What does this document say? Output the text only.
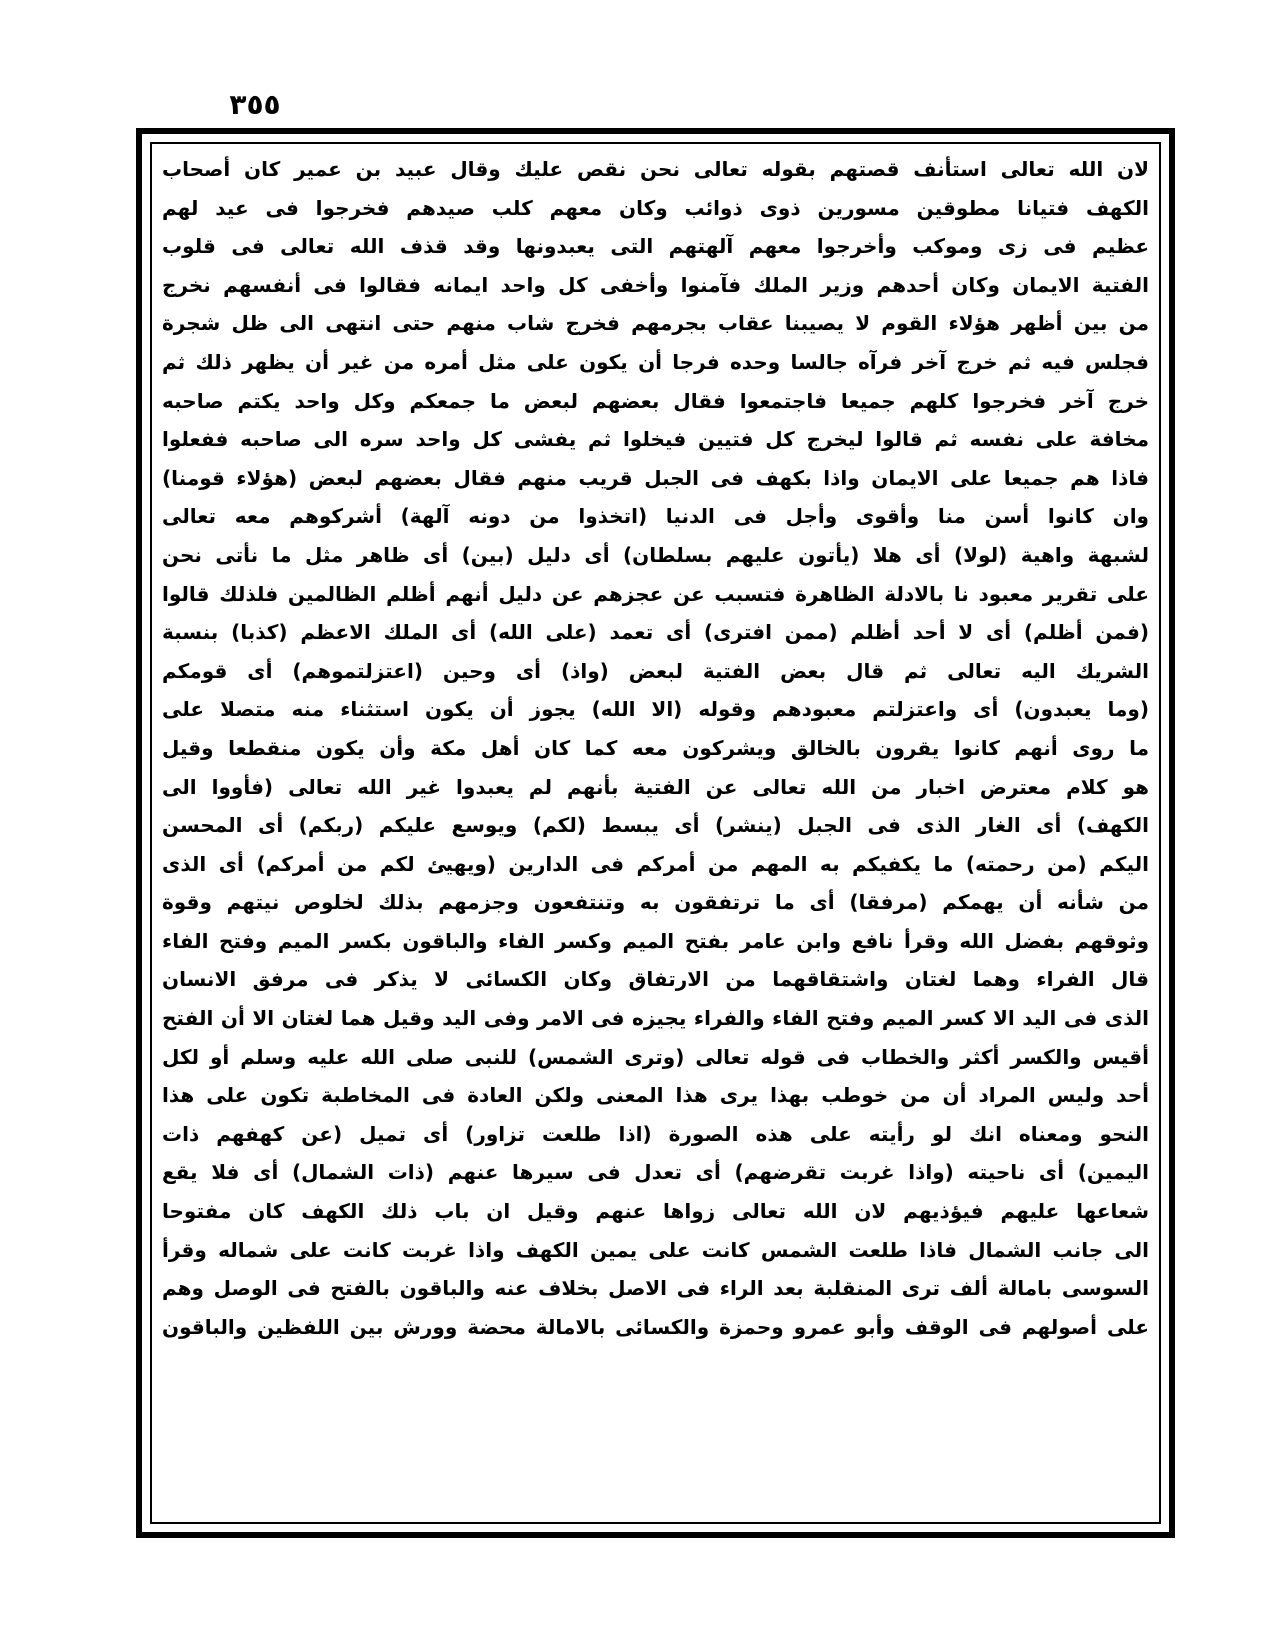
٣٥٥

لان الله تعالى استأنف قصتهم بقوله تعالى نحن نقص عليك وقال عبيد بن عمير كان أصحاب

الكهف فتيانا مطوقين مسورين ذوى ذوائب وكان معهم كلب صيدهم فخرجوا فى عيد لهم

عظيم فى زى وموكب وأخرجوا معهم آلهتهم التى يعبدونها وقد قذف الله تعالى فى قلوب

الفتية الايمان وكان أحدهم وزير الملك فآمنوا وأخفى كل واحد ايمانه فقالوا فى أنفسهم نخرج

من بين أظهر هؤلاء القوم لا يصيبنا عقاب بجرمهم فخرج شاب منهم حتى انتهى الى ظل شجرة

فجلس فيه ثم خرج آخر فرآه جالسا وحده فرجا أن يكون على مثل أمره من غير أن يظهر ذلك ثم

خرج آخر فخرجوا كلهم جميعا فاجتمعوا فقال بعضهم لبعض ما جمعكم وكل واحد يكتم صاحبه

مخافة على نفسه ثم قالوا ليخرج كل فتيين فيخلوا ثم يفشى كل واحد سره الى صاحبه ففعلوا

فاذا هم جميعا على الايمان واذا بكهف فى الجبل قريب منهم فقال بعضهم لبعض (هؤلاء قومنا)

وان كانوا أسن منا وأقوى وأجل فى الدنيا (اتخذوا من دونه آلهة) أشركوهم معه تعالى

لشبهة واهية (لولا) أى هلا (يأتون عليهم بسلطان) أى دليل (بين) أى ظاهر مثل ما نأتى نحن

على تقرير معبود نا بالادلة الظاهرة فتسبب عن عجزهم عن دليل أنهم أظلم الظالمين فلذلك قالوا

(فمن أظلم) أى لا أحد أظلم (ممن افترى) أى تعمد (على الله) أى الملك الاعظم (كذبا) بنسبة

الشريك اليه تعالى ثم قال بعض الفتية لبعض (واذ) أى وحين (اعتزلتموهم) أى قومكم

(وما يعبدون) أى واعتزلتم معبودهم وقوله (الا الله) يجوز أن يكون استثناء منه متصلا على

ما روى أنهم كانوا يقرون بالخالق ويشركون معه كما كان أهل مكة وأن يكون منقطعا وقيل

هو كلام معترض اخبار من الله تعالى عن الفتية بأنهم لم يعبدوا غير الله تعالى (فأووا الى

الكهف) أى الغار الذى فى الجبل (ينشر) أى يبسط (لكم) ويوسع عليكم (ربكم) أى المحسن

اليكم (من رحمته) ما يكفيكم به المهم من أمركم فى الدارين (ويهيئ لكم من أمركم) أى الذى

من شأنه أن يهمكم (مرفقا) أى ما ترتفقون به وتنتفعون وجزمهم بذلك لخلوص نيتهم وقوة

وثوقهم بفضل الله وقرأ نافع وابن عامر بفتح الميم وكسر الفاء والباقون بكسر الميم وفتح الفاء

قال الفراء وهما لغتان واشتقاقهما من الارتفاق وكان الكسائى لا يذكر فى مرفق الانسان

الذى فى اليد الا كسر الميم وفتح الفاء والفراء يجيزه فى الامر وفى اليد وقيل هما لغتان الا أن الفتح

أقيس والكسر أكثر والخطاب فى قوله تعالى (وترى الشمس) للنبى صلى الله عليه وسلم أو لكل

أحد وليس المراد أن من خوطب بهذا يرى هذا المعنى ولكن العادة فى المخاطبة تكون على هذا

النحو ومعناه انك لو رأيته على هذه الصورة (اذا طلعت تزاور) أى تميل (عن كهفهم ذات

اليمين) أى ناحيته (واذا غربت تقرضهم) أى تعدل فى سيرها عنهم (ذات الشمال) أى فلا يقع

شعاعها عليهم فيؤذيهم لان الله تعالى زواها عنهم وقيل ان باب ذلك الكهف كان مفتوحا

الى جانب الشمال فاذا طلعت الشمس كانت على يمين الكهف واذا غربت كانت على شماله وقرأ

السوسى بامالة ألف ترى المنقلبة بعد الراء فى الاصل بخلاف عنه والباقون بالفتح فى الوصل وهم

على أصولهم فى الوقف وأبو عمرو وحمزة والكسائى بالامالة محضة وورش بين اللفظين والباقون
